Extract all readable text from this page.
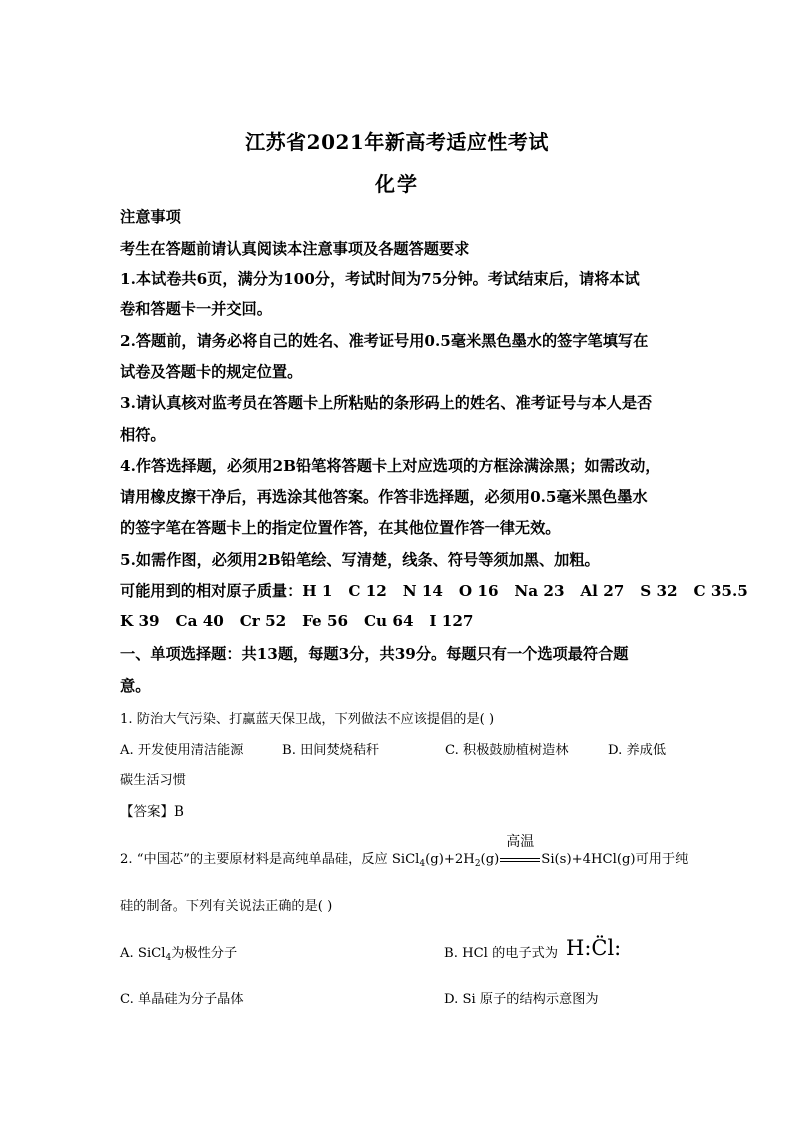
江苏省2021年新高考适应性考试
化学
注意事项
考生在答题前请认真阅读本注意事项及各题答题要求
1.本试卷共6页，满分为100分，考试时间为75分钟。考试结束后，请将本试
卷和答题卡一并交回。
2.答题前，请务必将自己的姓名、准考证号用0.5毫米黑色墨水的签字笔填写在
试卷及答题卡的规定位置。
3.请认真核对监考员在答题卡上所粘贴的条形码上的姓名、准考证号与本人是否
相符。
4.作答选择题，必须用2B铅笔将答题卡上对应选项的方框涂满涂黑；如需改动，
请用橡皮擦干净后，再选涂其他答案。作答非选择题，必须用0.5毫米黑色墨水
的签字笔在答题卡上的指定位置作答，在其他位置作答一律无效。
5.如需作图，必须用2B铅笔绘、写清楚，线条、符号等须加黑、加粗。
可能用到的相对原子质量：H 1   C 12   N 14   O 16   Na 23   Al 27   S 32   C 35.5
K 39   Ca 40   Cr 52   Fe 56   Cu 64   I 127
一、单项选择题：共13题，每题3分，共39分。每题只有一个选项最符合题
意。
1. 防治大气污染、打赢蓝天保卫战，下列做法不应该提倡的是( )
A. 开发使用清洁能源	B. 田间焚烧秸秆	C. 积极鼓励植树造林	D. 养成低
碳生活习惯
【答案】B
2. “中国芯”的主要原材料是高纯单晶硅，反应 $SiCl_4(g)+2H_2(g)$
高温
Si(s)+4HCl(g)可用于纯
硅的制备。下列有关说法正确的是( )
A. SiCl$_4$为极性分子	B. HCl 的电子式为 H:C̈l:
C. 单晶硅为分子晶体	D. Si 原子的结构示意图为
